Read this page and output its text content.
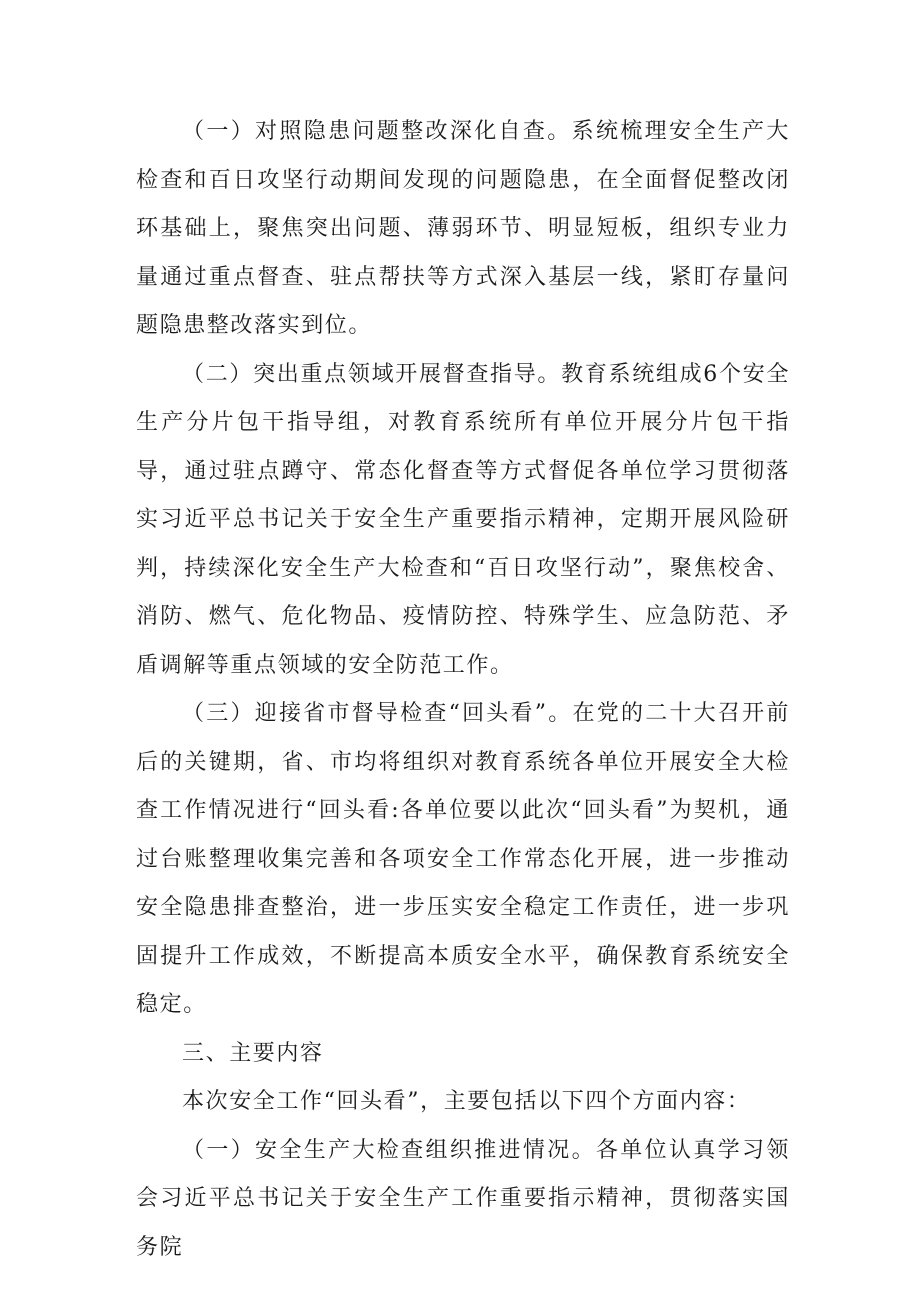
（一）对照隐患问题整改深化自查。系统梳理安全生产大检查和百日攻坚行动期间发现的问题隐患，在全面督促整改闭环基础上，聚焦突出问题、薄弱环节、明显短板，组织专业力量通过重点督查、驻点帮扶等方式深入基层一线，紧盯存量问题隐患整改落实到位。

（二）突出重点领域开展督查指导。教育系统组成6个安全生产分片包干指导组，对教育系统所有单位开展分片包干指导，通过驻点蹲守、常态化督查等方式督促各单位学习贯彻落实习近平总书记关于安全生产重要指示精神，定期开展风险研判，持续深化安全生产大检查和“百日攻坚行动”，聚焦校舍、消防、燃气、危化物品、疫情防控、特殊学生、应急防范、矛盾调解等重点领域的安全防范工作。

（三）迎接省市督导检查“回头看”。在党的二十大召开前后的关键期，省、市均将组织对教育系统各单位开展安全大检查工作情况进行“回头看:各单位要以此次“回头看”为契机，通过台账整理收集完善和各项安全工作常态化开展，进一步推动安全隐患排查整治，进一步压实安全稳定工作责任，进一步巩固提升工作成效，不断提高本质安全水平，确保教育系统安全稳定。

三、主要内容

本次安全工作“回头看”，主要包括以下四个方面内容：

（一）安全生产大检查组织推进情况。各单位认真学习领会习近平总书记关于安全生产工作重要指示精神，贯彻落实国务院
